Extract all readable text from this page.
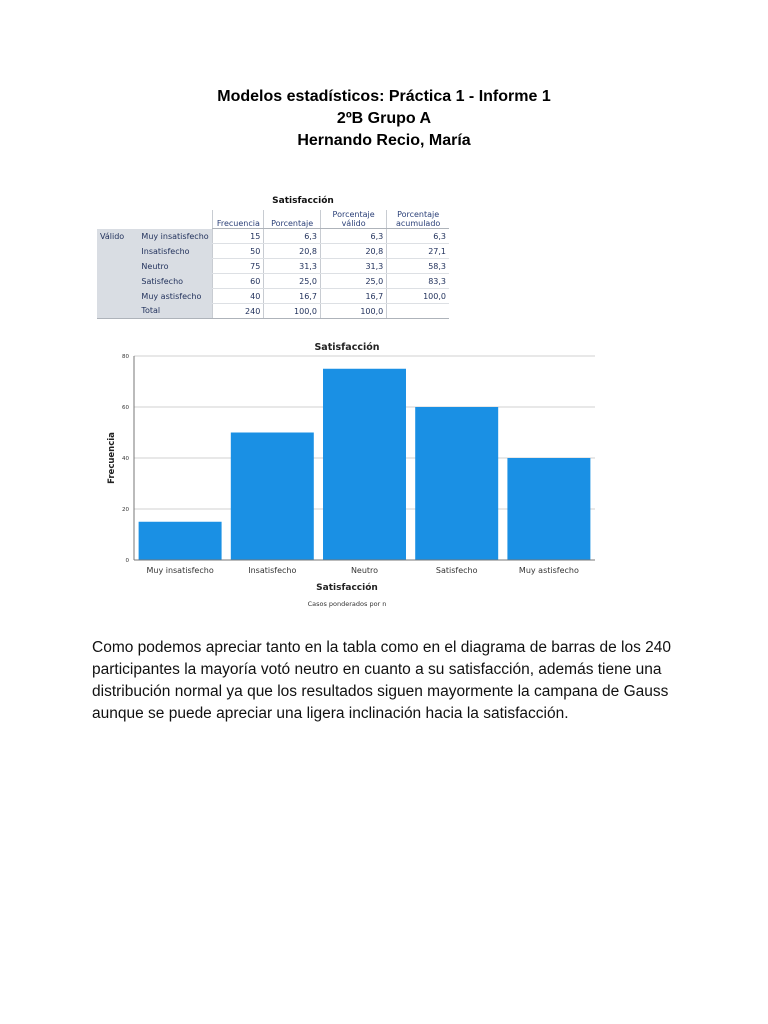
Modelos estadísticos: Práctica 1 - Informe 1
2ºB Grupo A
Hernando Recio, María
Satisfacción
		Frecuencia	Porcentaje	Porcentaje válido	Porcentaje acumulado
Válido	Muy insatisfecho	15	6,3	6,3	6,3
	Insatisfecho	50	20,8	20,8	27,1
	Neutro	75	31,3	31,3	58,3
	Satisfecho	60	25,0	25,0	83,3
	Muy astisfecho	40	16,7	16,7	100,0
	Total	240	100,0	100,0	
Satisfacción
0
20
40
60
80
Muy insatisfecho	Insatisfecho	Neutro	Satisfecho	Muy astisfecho
Frecuencia
Satisfacción
Casos ponderados por n
Como podemos apreciar tanto en la tabla como en el diagrama de barras de los 240 participantes la mayoría votó neutro en cuanto a su satisfacción, además tiene una distribución normal ya que los resultados siguen mayormente la campana de Gauss aunque se puede apreciar una ligera inclinación hacia la satisfacción.
